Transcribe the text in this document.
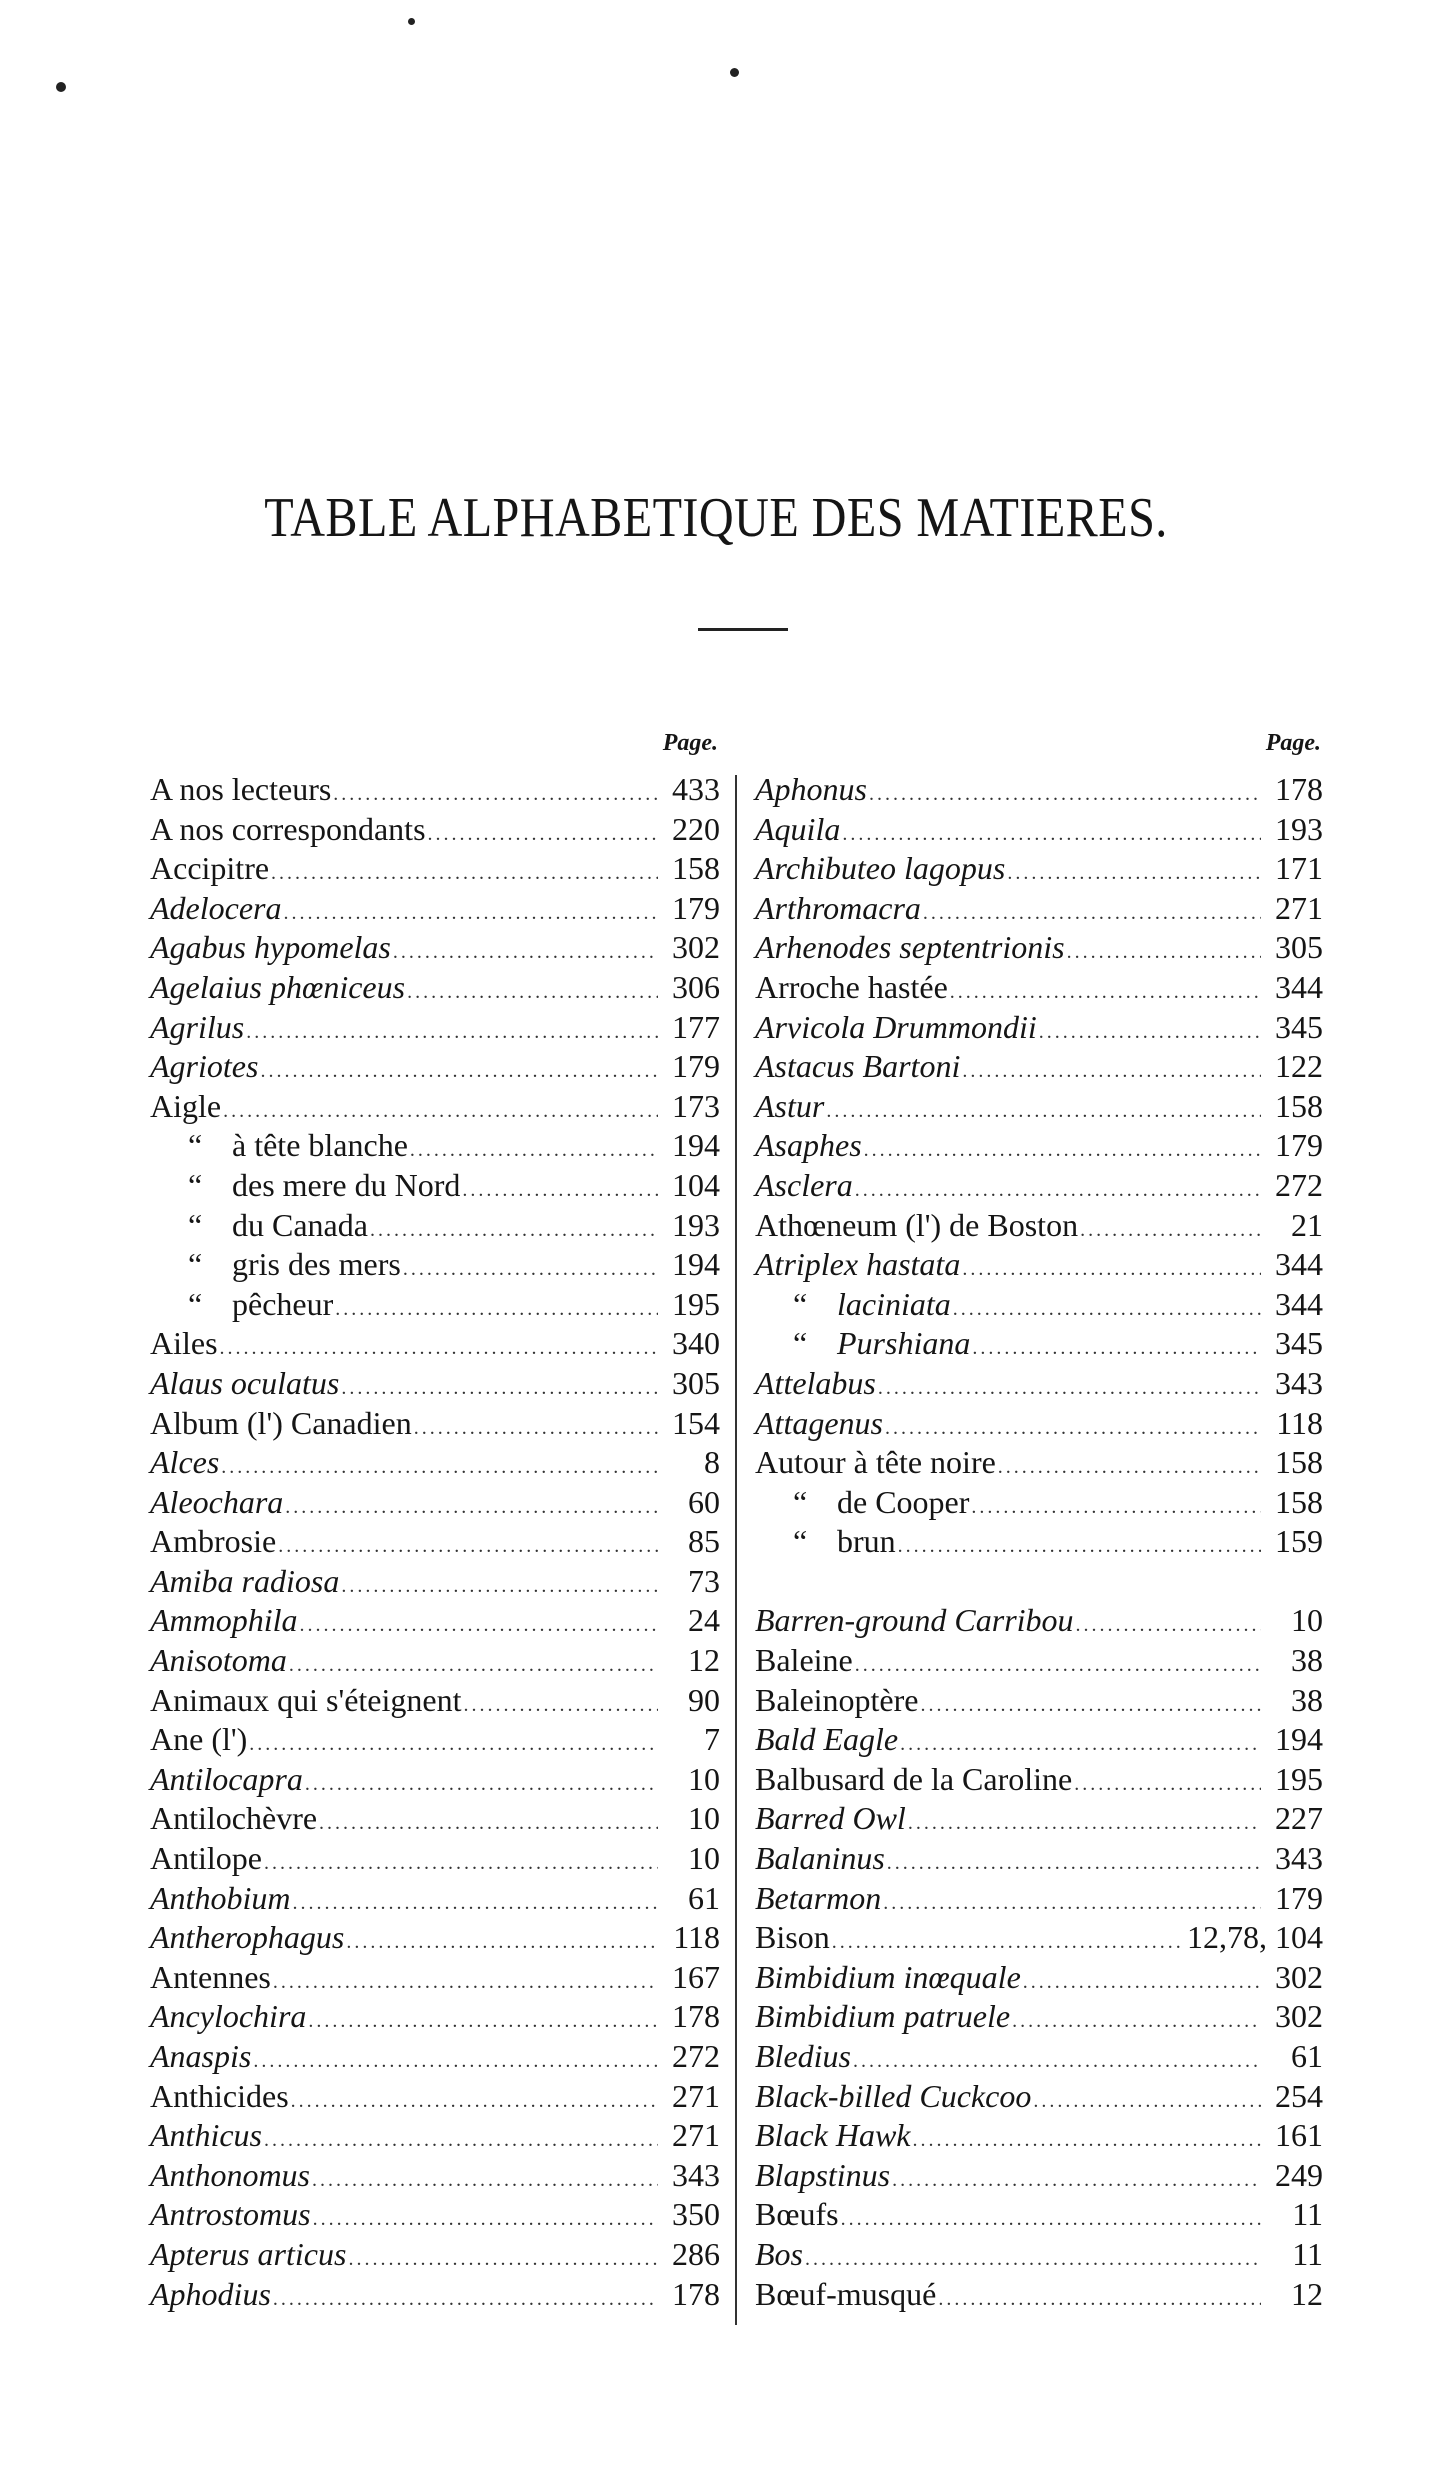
TABLE ALPHABETIQUE DES MATIERES.
Page.
A nos lecteurs .....	433
A nos correspondants .....	220
Accipitre .....	158
Adelocera .....	179
Agabus hypomelas .....	302
Agelaius phœniceus .....	306
Agrilus .....	177
Agriotes .....	179
Aigle .....	173
“ à tête blanche .....	194
“ des mere du Nord .....	104
“ du Canada .....	193
“ gris des mers .....	194
“ pêcheur .....	195
Ailes .....	340
Alaus oculatus .....	305
Album (l') Canadien .....	154
Alces .....	8
Aleochara .....	60
Ambrosie .....	85
Amiba radiosa .....	73
Ammophila .....	24
Anisotoma .....	12
Animaux qui s'éteignent .....	90
Ane (l') .....	7
Antilocapra .....	10
Antilochèvre .....	10
Antilope .....	10
Anthobium .....	61
Antherophagus .....	118
Antennes .....	167
Ancylochira .....	178
Anaspis .....	272
Anthicides .....	271
Anthicus .....	271
Anthonomus .....	343
Antrostomus .....	350
Apterus articus .....	286
Aphodius .....	178
Page.
Aphonus .....	178
Aquila .....	193
Archibuteo lagopus .....	171
Arthromacra .....	271
Arhenodes septentrionis .....	305
Arroche hastée .....	344
Arvicola Drummondii .....	345
Astacus Bartoni .....	122
Astur .....	158
Asaphes .....	179
Asclera .....	272
Athœneum (l') de Boston .....	21
Atriplex hastata .....	344
“ laciniata .....	344
“ Purshiana .....	345
Attelabus .....	343
Attagenus .....	118
Autour à tête noire .....	158
“ de Cooper .....	158
“ brun .....	159
Barren-ground Carribou .....	10
Baleine .....	38
Baleinoptère .....	38
Bald Eagle .....	194
Balbusard de la Caroline .....	195
Barred Owl .....	227
Balaninus .....	343
Betarmon .....	179
Bison .....	12,78, 104
Bimbidium inœquale .....	302
Bimbidium patruele .....	302
Bledius .....	61
Black-billed Cuckcoo .....	254
Black Hawk .....	161
Blapstinus .....	249
Bœufs .....	11
Bos .....	11
Bœuf-musqué .....	12
